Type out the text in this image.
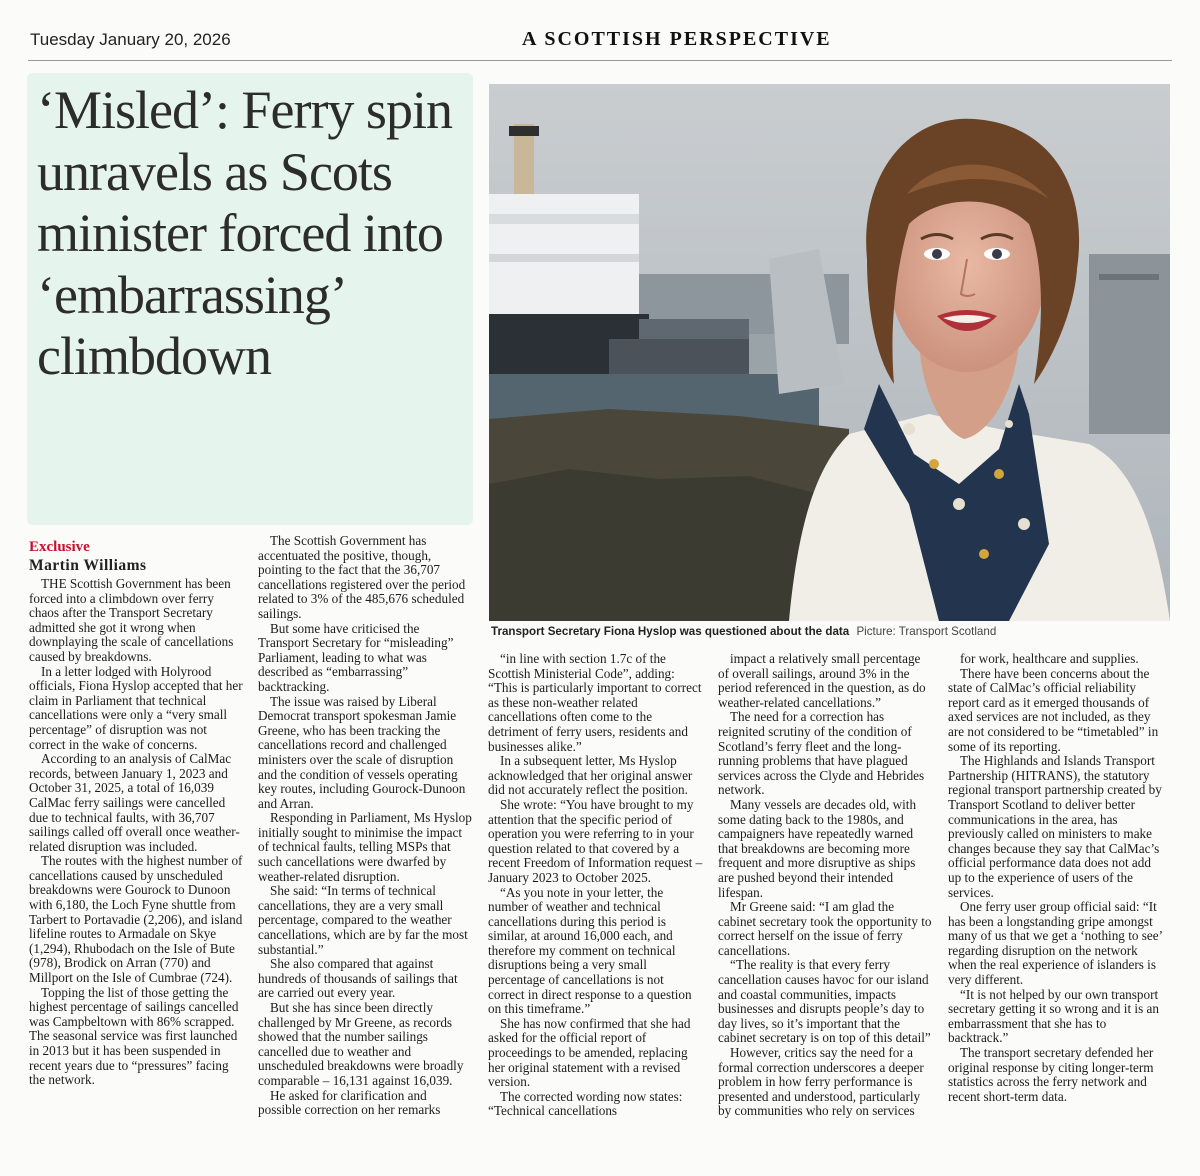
Tuesday January 20, 2026	A SCOTTISH PERSPECTIVE
‘Misled’: Ferry spin unravels as Scots minister forced into ‘embarrassing’ climbdown
Transport Secretary Fiona Hyslop was questioned about the data Picture: Transport Scotland
Exclusive
Martin Williams

THE Scottish Government has been forced into a climbdown over ferry chaos after the Transport Secretary admitted she got it wrong when downplaying the scale of cancellations caused by breakdowns.

In a letter lodged with Holyrood officials, Fiona Hyslop accepted that her claim in Parliament that technical cancellations were only a “very small percentage” of disruption was not correct in the wake of concerns.

According to an analysis of CalMac records, between January 1, 2023 and October 31, 2025, a total of 16,039 CalMac ferry sailings were cancelled due to technical faults, with 36,707 sailings called off overall once weather-related disruption was included.

The routes with the highest number of cancellations caused by unscheduled breakdowns were Gourock to Dunoon with 6,180, the Loch Fyne shuttle from Tarbert to Portavadie (2,206), and island lifeline routes to Armadale on Skye (1,294), Rhubodach on the Isle of Bute (978), Brodick on Arran (770) and Millport on the Isle of Cumbrae (724).

Topping the list of those getting the highest percentage of sailings cancelled was Campbeltown with 86% scrapped. The seasonal service was first launched in 2013 but it has been suspended in recent years due to “pressures” facing the network.

The Scottish Government has accentuated the positive, though, pointing to the fact that the 36,707 cancellations registered over the period related to 3% of the 485,676 scheduled sailings.

But some have criticised the Transport Secretary for “misleading” Parliament, leading to what was described as “embarrassing” backtracking.

The issue was raised by Liberal Democrat transport spokesman Jamie Greene, who has been tracking the cancellations record and challenged ministers over the scale of disruption and the condition of vessels operating key routes, including Gourock-Dunoon and Arran.

Responding in Parliament, Ms Hyslop initially sought to minimise the impact of technical faults, telling MSPs that such cancellations were dwarfed by weather-related disruption.

She said: “In terms of technical cancellations, they are a very small percentage, compared to the weather cancellations, which are by far the most substantial.”

She also compared that against hundreds of thousands of sailings that are carried out every year.

But she has since been directly challenged by Mr Greene, as records showed that the number sailings cancelled due to weather and unscheduled breakdowns were broadly comparable – 16,131 against 16,039.

He asked for clarification and possible correction on her remarks

“in line with section 1.7c of the Scottish Ministerial Code”, adding: “This is particularly important to correct as these non-weather related cancellations often come to the detriment of ferry users, residents and businesses alike.”

In a subsequent letter, Ms Hyslop acknowledged that her original answer did not accurately reflect the position.

She wrote: “You have brought to my attention that the specific period of operation you were referring to in your question related to that covered by a recent Freedom of Information request – January 2023 to October 2025.

“As you note in your letter, the number of weather and technical cancellations during this period is similar, at around 16,000 each, and therefore my comment on technical disruptions being a very small percentage of cancellations is not correct in direct response to a question on this timeframe.”

She has now confirmed that she had asked for the official report of proceedings to be amended, replacing her original statement with a revised version.

The corrected wording now states: “Technical cancellations

impact a relatively small percentage of overall sailings, around 3% in the period referenced in the question, as do weather-related cancellations.”

The need for a correction has reignited scrutiny of the condition of Scotland’s ferry fleet and the long-running problems that have plagued services across the Clyde and Hebrides network.

Many vessels are decades old, with some dating back to the 1980s, and campaigners have repeatedly warned that breakdowns are becoming more frequent and more disruptive as ships are pushed beyond their intended lifespan.

Mr Greene said: “I am glad the cabinet secretary took the opportunity to correct herself on the issue of ferry cancellations.

“The reality is that every ferry cancellation causes havoc for our island and coastal communities, impacts businesses and disrupts people’s day to day lives, so it’s important that the cabinet secretary is on top of this detail”

However, critics say the need for a formal correction underscores a deeper problem in how ferry performance is presented and understood, particularly by communities who rely on services

for work, healthcare and supplies.

There have been concerns about the state of CalMac’s official reliability report card as it emerged thousands of axed services are not included, as they are not considered to be “timetabled” in some of its reporting.

The Highlands and Islands Transport Partnership (HITRANS), the statutory regional transport partnership created by Transport Scotland to deliver better communications in the area, has previously called on ministers to make changes because they say that CalMac’s official performance data does not add up to the experience of users of the services.

One ferry user group official said: “It has been a longstanding gripe amongst many of us that we get a ‘nothing to see’ regarding disruption on the network when the real experience of islanders is very different.

“It is not helped by our own transport secretary getting it so wrong and it is an embarrassment that she has to backtrack.”

The transport secretary defended her original response by citing longer-term statistics across the ferry network and recent short-term data.
